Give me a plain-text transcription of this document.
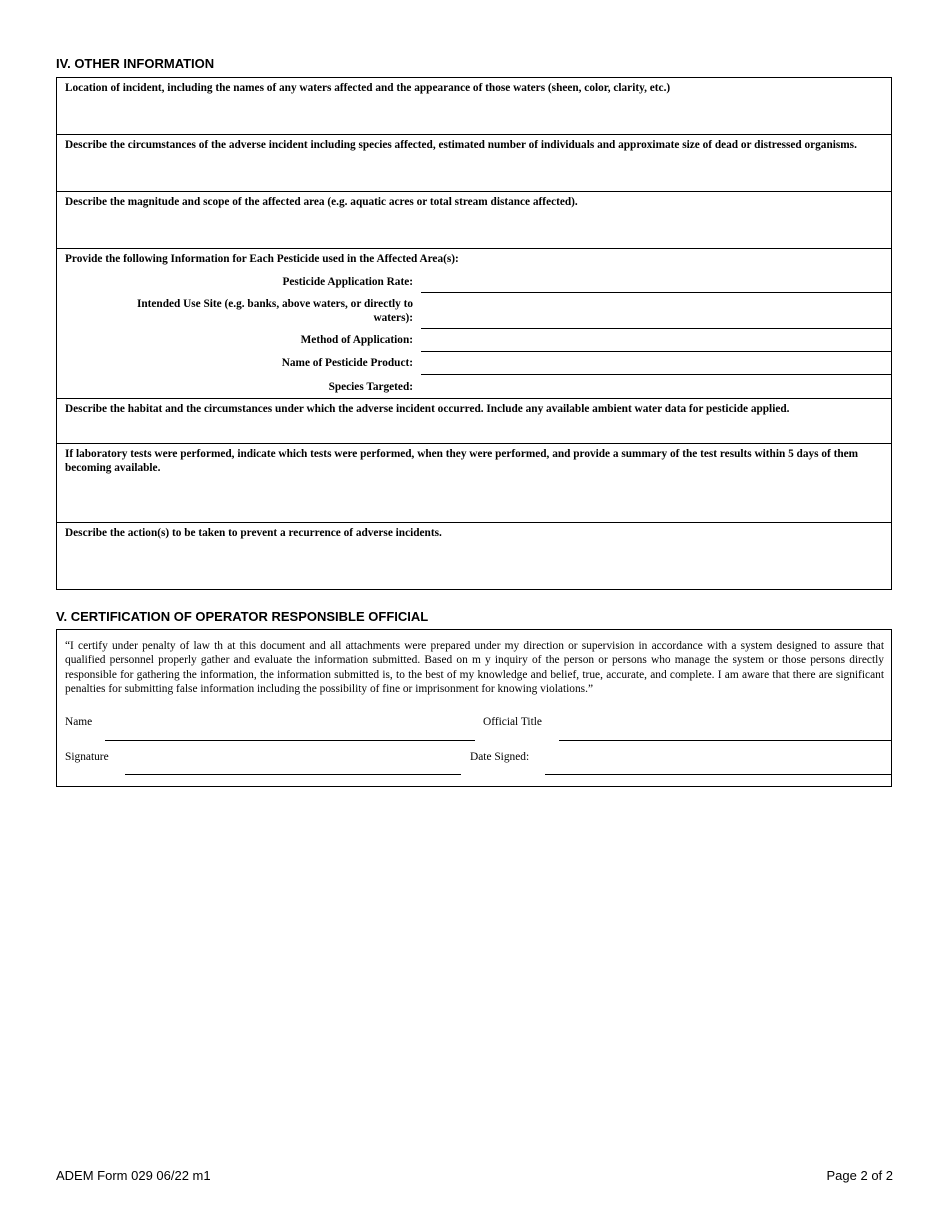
IV. OTHER INFORMATION
Location of incident, including the names of any waters affected and the appearance of those waters (sheen, color, clarity, etc.)
Describe the circumstances of the adverse incident including species affected, estimated number of individuals and approximate size of dead or distressed organisms.
Describe the magnitude and scope of the affected area (e.g. aquatic acres or total stream distance affected).
Provide the following Information for Each Pesticide used in the Affected Area(s):
Pesticide Application Rate:
Intended Use Site (e.g. banks, above waters, or directly to waters):
Method of Application:
Name of Pesticide Product:
Species Targeted:
Describe the habitat and the circumstances under which the adverse incident occurred. Include any available ambient water data for pesticide applied.
If laboratory tests were performed, indicate which tests were performed, when they were performed, and provide a summary of the test results within 5 days of them becoming available.
Describe the action(s) to be taken to prevent a recurrence of adverse incidents.
V. CERTIFICATION OF OPERATOR RESPONSIBLE OFFICIAL
“I certify under penalty of law th at this document and all attachments were prepared under my direction or supervision in accordance with a system designed to assure that qualified personnel properly gather and evaluate the information submitted. Based on m y inquiry of the person or persons who manage the system or those persons directly responsible for gathering the information, the information submitted is, to the best of my knowledge and belief, true, accurate, and complete. I am aware that there are significant penalties for submitting false information including the possibility of fine or imprisonment for knowing violations.”
Name	Official Title
Signature	Date Signed:
ADEM Form 029 06/22 m1	Page 2 of 2
